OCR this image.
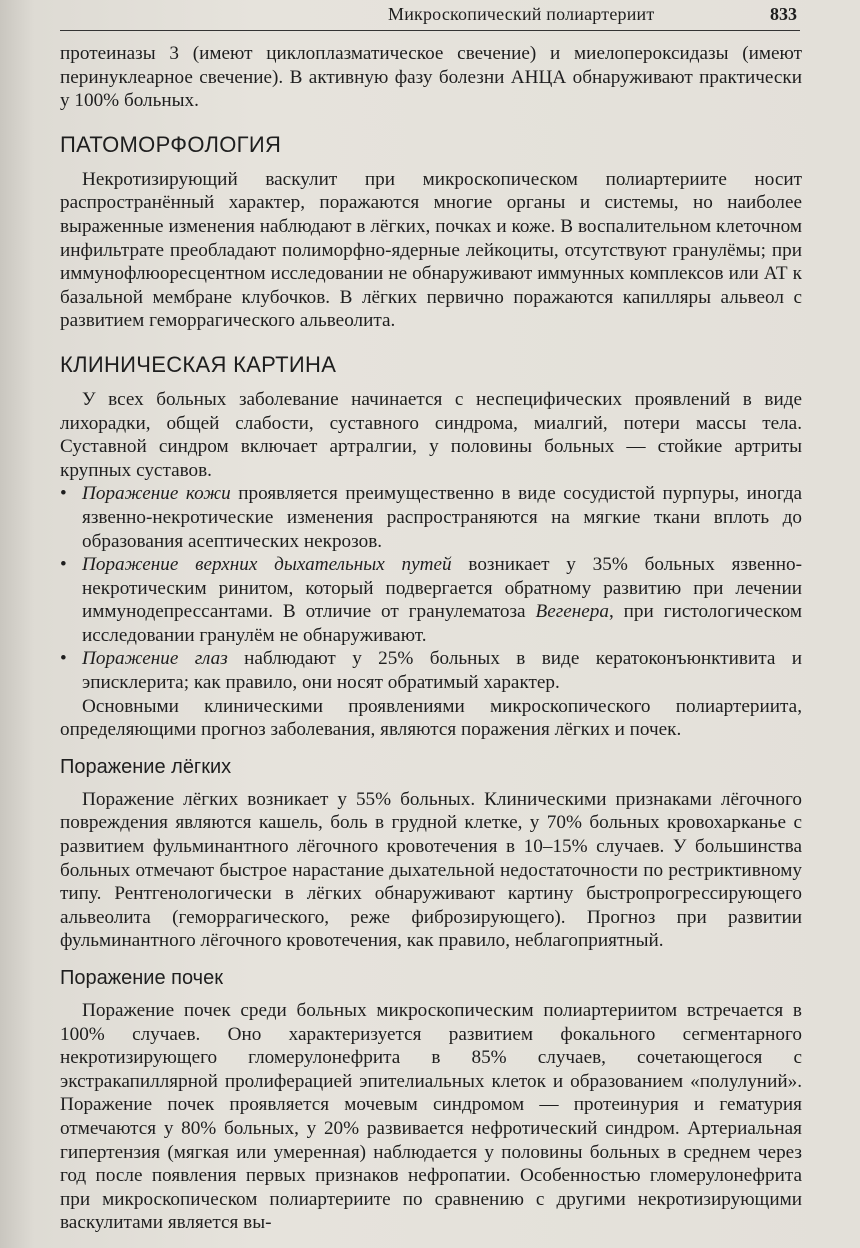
Микроскопический полиартериит	833

протеиназы 3 (имеют циклоплазматическое свечение) и миелопероксидазы (имеют перинуклеарное свечение). В активную фазу болезни АНЦА обнаруживают практически у 100% больных.

ПАТОМОРФОЛОГИЯ

Некротизирующий васкулит при микроскопическом полиартериите носит распространённый характер, поражаются многие органы и системы, но наиболее выраженные изменения наблюдают в лёгких, почках и коже. В воспалительном клеточном инфильтрате преобладают полиморфно-ядерные лейкоциты, отсутствуют гранулёмы; при иммунофлюоресцентном исследовании не обнаруживают иммунных комплексов или АТ к базальной мембране клубочков. В лёгких первично поражаются капилляры альвеол с развитием геморрагического альвеолита.

КЛИНИЧЕСКАЯ КАРТИНА

У всех больных заболевание начинается с неспецифических проявлений в виде лихорадки, общей слабости, суставного синдрома, миалгий, потери массы тела. Суставной синдром включает артралгии, у половины больных — стойкие артриты крупных суставов.

• Поражение кожи проявляется преимущественно в виде сосудистой пурпуры, иногда язвенно-некротические изменения распространяются на мягкие ткани вплоть до образования асептических некрозов.
• Поражение верхних дыхательных путей возникает у 35% больных язвенно-некротическим ринитом, который подвергается обратному развитию при лечении иммунодепрессантами. В отличие от гранулематоза Вегенера, при гистологическом исследовании гранулём не обнаруживают.
• Поражение глаз наблюдают у 25% больных в виде кератоконъюнктивита и эписклерита; как правило, они носят обратимый характер.

Основными клиническими проявлениями микроскопического полиартериита, определяющими прогноз заболевания, являются поражения лёгких и почек.

Поражение лёгких

Поражение лёгких возникает у 55% больных. Клиническими признаками лёгочного повреждения являются кашель, боль в грудной клетке, у 70% больных кровохарканье с развитием фульминантного лёгочного кровотечения в 10–15% случаев. У большинства больных отмечают быстрое нарастание дыхательной недостаточности по рестриктивному типу. Рентгенологически в лёгких обнаруживают картину быстропрогрессирующего альвеолита (геморрагического, реже фиброзирующего). Прогноз при развитии фульминантного лёгочного кровотечения, как правило, неблагоприятный.

Поражение почек

Поражение почек среди больных микроскопическим полиартериитом встречается в 100% случаев. Оно характеризуется развитием фокального сегментарного некротизирующего гломерулонефрита в 85% случаев, сочетающегося с экстракапиллярной пролиферацией эпителиальных клеток и образованием «полулуний». Поражение почек проявляется мочевым синдромом — протеинурия и гематурия отмечаются у 80% больных, у 20% развивается нефротический синдром. Артериальная гипертензия (мягкая или умеренная) наблюдается у половины больных в среднем через год после появления первых признаков нефропатии. Особенностью гломерулонефрита при микроскопическом полиартериите по сравнению с другими некротизирующими васкулитами является вы-
